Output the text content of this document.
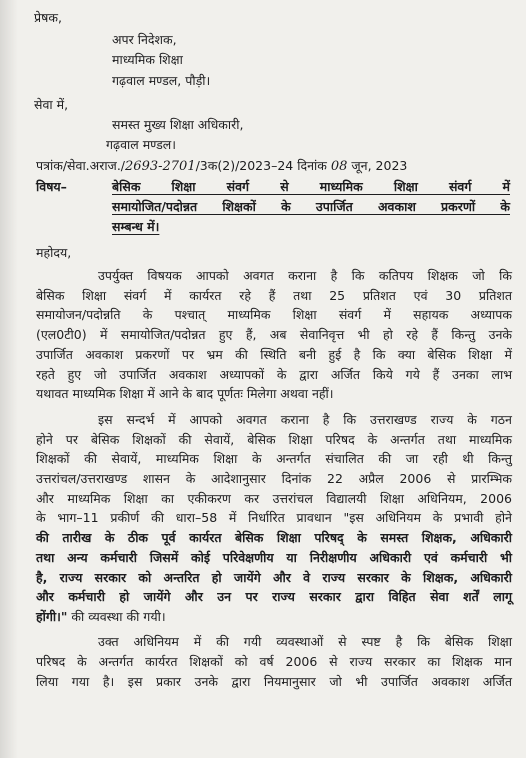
प्रेषक,
अपर निदेशक,
माध्यमिक शिक्षा
गढ़वाल मण्डल, पौड़ी।
सेवा में,
समस्त मुख्य शिक्षा अधिकारी,
गढ़वाल मण्डल।
पत्रांक/सेवा.अराज./2693-2701/3क(2)/2023–24 दिनांक 08 जून, 2023
विषय–	बेसिक शिक्षा संवर्ग से माध्यमिक शिक्षा संवर्ग में
समायोजित/पदोन्नत शिक्षकों के उपार्जित अवकाश प्रकरणों के
सम्बन्ध में।
महोदय,
उपर्युक्त विषयक आपको अवगत कराना है कि कतिपय शिक्षक जो कि
बेसिक शिक्षा संवर्ग में कार्यरत रहे हैं तथा 25 प्रतिशत एवं 30 प्रतिशत
समायोजन/पदोन्नति के पश्चात् माध्यमिक शिक्षा संवर्ग में सहायक अध्यापक
(एल0टी0) में समायोजित/पदोन्नत हुए हैं, अब सेवानिवृत्त भी हो रहे हैं किन्तु उनके
उपार्जित अवकाश प्रकरणों पर भ्रम की स्थिति बनी हुई है कि क्या बेसिक शिक्षा में
रहते हुए जो उपार्जित अवकाश अध्यापकों के द्वारा अर्जित किये गये हैं उनका लाभ
यथावत माध्यमिक शिक्षा में आने के बाद पूर्णतः मिलेगा अथवा नहीं।
इस सन्दर्भ में आपको अवगत कराना है कि उत्तराखण्ड राज्य के गठन
होने पर बेसिक शिक्षकों की सेवायें, बेसिक शिक्षा परिषद के अन्तर्गत तथा माध्यमिक
शिक्षकों की सेवायें, माध्यमिक शिक्षा के अन्तर्गत संचालित की जा रही थी किन्तु
उत्तरांचल/उत्तराखण्ड शासन के आदेशानुसार दिनांक 22 अप्रैल 2006 से प्रारम्भिक
और माध्यमिक शिक्षा का एकीकरण कर उत्तरांचल विद्यालयी शिक्षा अधिनियम, 2006
के भाग–11 प्रकीर्ण की धारा–58 में निर्धारित प्रावधान "इस अधिनियम के प्रभावी होने
की तारीख के ठीक पूर्व कार्यरत बेसिक शिक्षा परिषद् के समस्त शिक्षक, अधिकारी
तथा अन्य कर्मचारी जिसमें कोई परिवेक्षणीय या निरीक्षणीय अधिकारी एवं कर्मचारी भी
है, राज्य सरकार को अन्तरित हो जायेंगे और वे राज्य सरकार के शिक्षक, अधिकारी
और कर्मचारी हो जायेंगे और उन पर राज्य सरकार द्वारा विहित सेवा शर्तें लागू
होंगी।" की व्यवस्था की गयी।
उक्त अधिनियम में की गयी व्यवस्थाओं से स्पष्ट है कि बेसिक शिक्षा
परिषद के अन्तर्गत कार्यरत शिक्षकों को वर्ष 2006 से राज्य सरकार का शिक्षक मान
लिया गया है। इस प्रकार उनके द्वारा नियमानुसार जो भी उपार्जित अवकाश अर्जित
